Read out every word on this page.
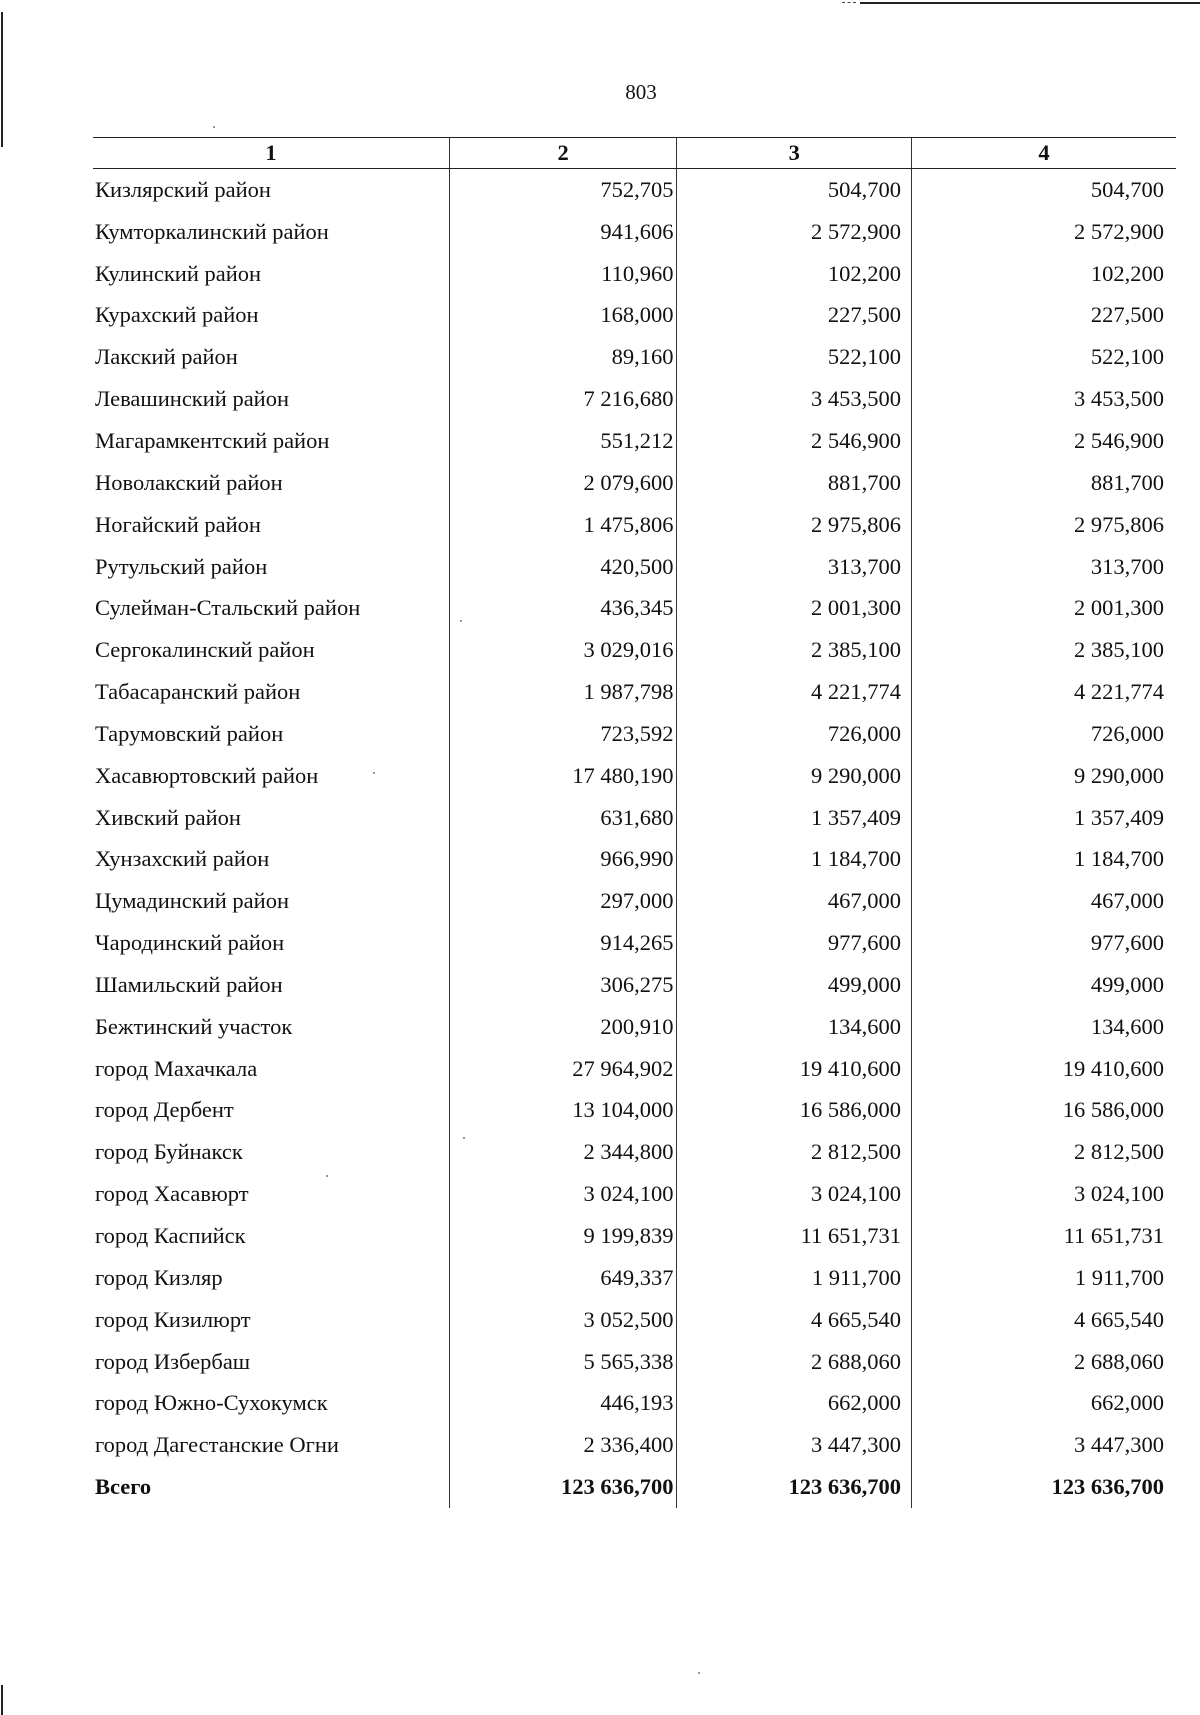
803
1	2	3	4
Кизлярский район	752,705	504,700	504,700
Кумторкалинский район	941,606	2 572,900	2 572,900
Кулинский район	110,960	102,200	102,200
Курахский район	168,000	227,500	227,500
Лакский район	89,160	522,100	522,100
Левашинский район	7 216,680	3 453,500	3 453,500
Магарамкентский район	551,212	2 546,900	2 546,900
Новолакский район	2 079,600	881,700	881,700
Ногайский район	1 475,806	2 975,806	2 975,806
Рутульский район	420,500	313,700	313,700
Сулейман-Стальский район	436,345	2 001,300	2 001,300
Сергокалинский район	3 029,016	2 385,100	2 385,100
Табасаранский район	1 987,798	4 221,774	4 221,774
Тарумовский район	723,592	726,000	726,000
Хасавюртовский район	17 480,190	9 290,000	9 290,000
Хивский район	631,680	1 357,409	1 357,409
Хунзахский район	966,990	1 184,700	1 184,700
Цумадинский район	297,000	467,000	467,000
Чародинский район	914,265	977,600	977,600
Шамильский район	306,275	499,000	499,000
Бежтинский участок	200,910	134,600	134,600
город Махачкала	27 964,902	19 410,600	19 410,600
город Дербент	13 104,000	16 586,000	16 586,000
город Буйнакск	2 344,800	2 812,500	2 812,500
город Хасавюрт	3 024,100	3 024,100	3 024,100
город Каспийск	9 199,839	11 651,731	11 651,731
город Кизляр	649,337	1 911,700	1 911,700
город Кизилюрт	3 052,500	4 665,540	4 665,540
город Избербаш	5 565,338	2 688,060	2 688,060
город Южно-Сухокумск	446,193	662,000	662,000
город Дагестанские Огни	2 336,400	3 447,300	3 447,300
Всего	123 636,700	123 636,700	123 636,700
